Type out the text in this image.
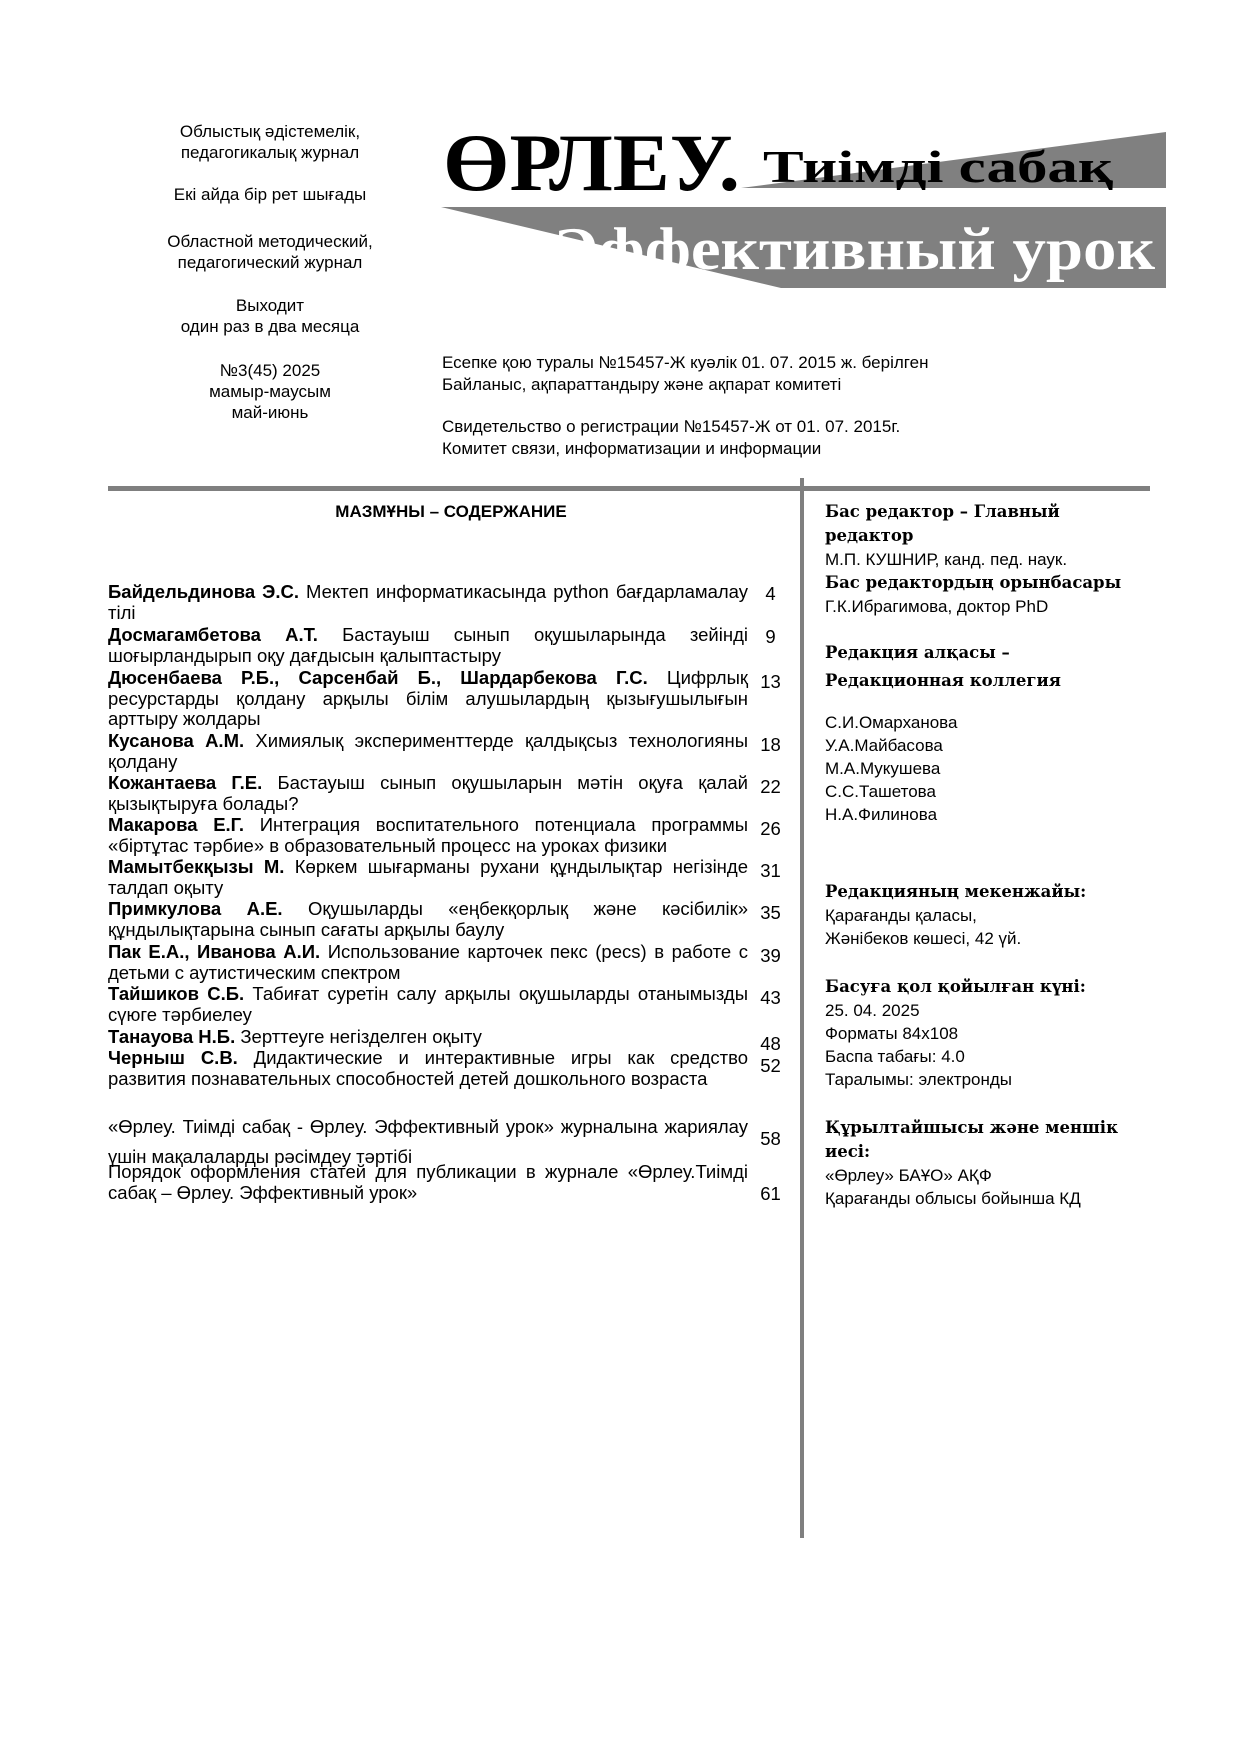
Облыстық әдістемелік,

педагогикалық журнал

Екі айда бір рет шығады

Областной методический,

педагогический журнал

Выходит

один раз в два месяца

№3(45) 2025

мамыр-маусым

май-июнь

ӨРЛЕУ. Тиімді сабақ
Эффективный урок

Есепке қою туралы №15457-Ж куәлік 01. 07. 2015 ж. берілген

Байланыс, ақпараттандыру және ақпарат комитеті

Свидетельство о регистрации №15457-Ж от 01. 07. 2015г.

Комитет связи, информатизации и информации

МАЗМҰНЫ – СОДЕРЖАНИЕ
Байдельдинова Э.С. Мектеп информатикасында python бағдарламалау тілі
4
Досмагамбетова А.Т. Бастауыш сынып оқушыларында зейінді шоғырландырып оқу дағдысын қалыптастыру
9
Дюсенбаева Р.Б., Сарсенбай Б., Шардарбекова Г.С. Цифрлық ресурстарды қолдану арқылы білім алушылардың қызығушылығын арттыру жолдары
13
Кусанова А.М. Химиялық эксперименттерде қалдықсыз технологияны қолдану
18
Кожантаева Г.Е. Бастауыш сынып оқушыларын мәтін оқуға қалай қызықтыруға болады?
22
Макарова Е.Г. Интеграция воспитательного потенциала программы «біртұтас тәрбие» в образовательный процесс на уроках физики
26
Мамытбекқызы М. Көркем шығарманы рухани құндылықтар негізінде талдап оқыту
31
Примкулова А.Е. Оқушыларды «еңбекқорлық және кәсібилік» құндылықтарына сынып сағаты арқылы баулу
35
Пак Е.А., Иванова А.И. Использование карточек пекс (pecs) в работе с детьми с аутистическим спектром
39
Тайшиков С.Б. Табиғат суретін салу арқылы оқушыларды отанымызды сүюге тәрбиелеу
43
Танауова Н.Б. Зерттеуге негізделген оқыту	48
Черныш С.В. Дидактические и интерактивные игры как средство развития познавательных способностей детей дошкольного возраста
52
«Өрлеу. Тиімді сабақ - Өрлеу. Эффективный урок» журналына жариялау үшін мақалаларды рәсімдеу тәртібі
58
Порядок оформления статей для публикации в журнале «Өрлеу.Тиімді сабақ – Өрлеу. Эффективный урок»	61

Бас редактор – Главный редактор

М.П. КУШНИР, канд. пед. наук.

Бас редактордың орынбасары

Г.К.Ибрагимова, доктор PhD

Редакция алқасы –

Редакционная коллегия

С.И.Омарханова

У.А.Майбасова

М.А.Мукушева

С.С.Ташетова

Н.А.Филинова

Редакцияның мекенжайы:

Қарағанды қаласы,

Жәнібеков көшесі, 42 үй.

Басуға қол қойылған күні:

25. 04. 2025

Форматы 84x108

Баспа табағы: 4.0

Таралымы: электронды

Құрылтайшысы және меншік иесі:

«Өрлеу» БАҰО» АҚФ

Қарағанды облысы бойынша КД
